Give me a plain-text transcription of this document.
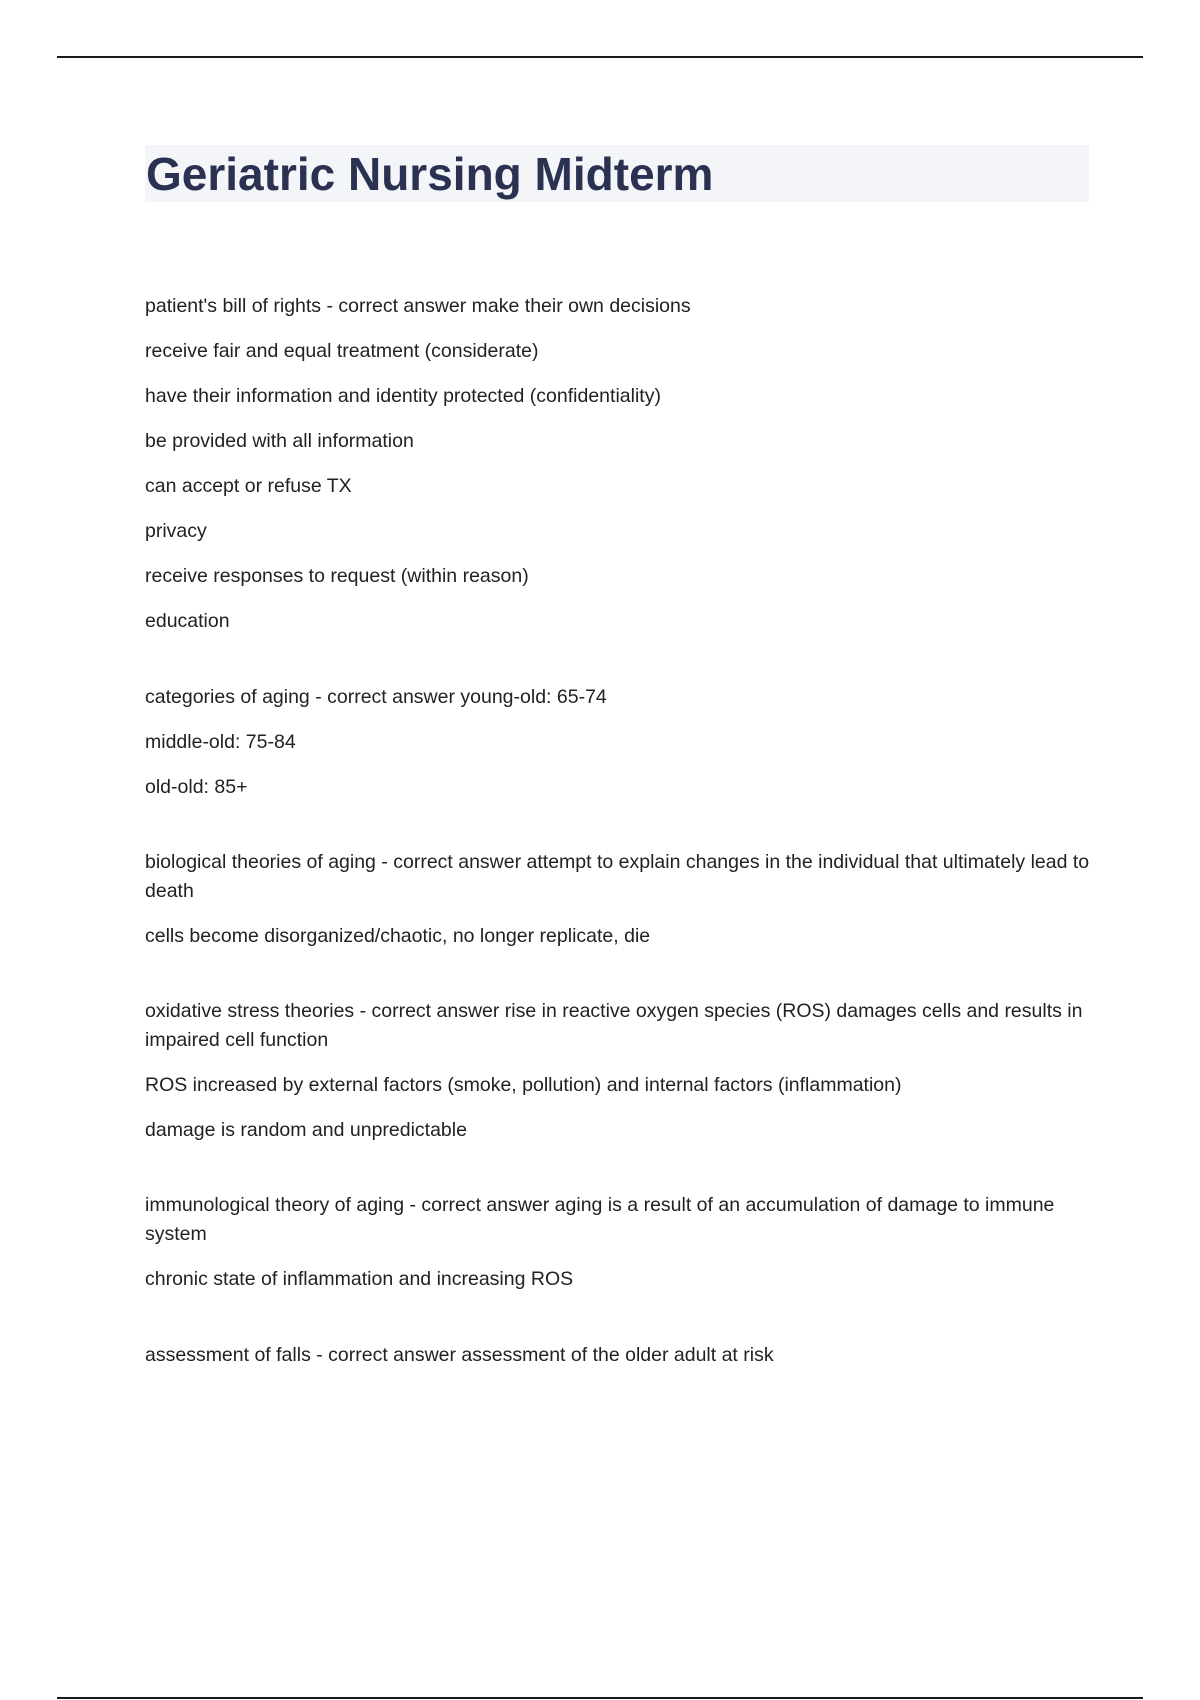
Geriatric Nursing Midterm

patient's bill of rights - correct answer make their own decisions

receive fair and equal treatment (considerate)

have their information and identity protected (confidentiality)

be provided with all information

can accept or refuse TX

privacy

receive responses to request (within reason)

education

categories of aging - correct answer young-old: 65-74

middle-old: 75-84

old-old: 85+

biological theories of aging - correct answer attempt to explain changes in the individual that ultimately lead to death

cells become disorganized/chaotic, no longer replicate, die

oxidative stress theories - correct answer rise in reactive oxygen species (ROS) damages cells and results in impaired cell function

ROS increased by external factors (smoke, pollution) and internal factors (inflammation)

damage is random and unpredictable

immunological theory of aging - correct answer aging is a result of an accumulation of damage to immune system

chronic state of inflammation and increasing ROS

assessment of falls - correct answer assessment of the older adult at risk
